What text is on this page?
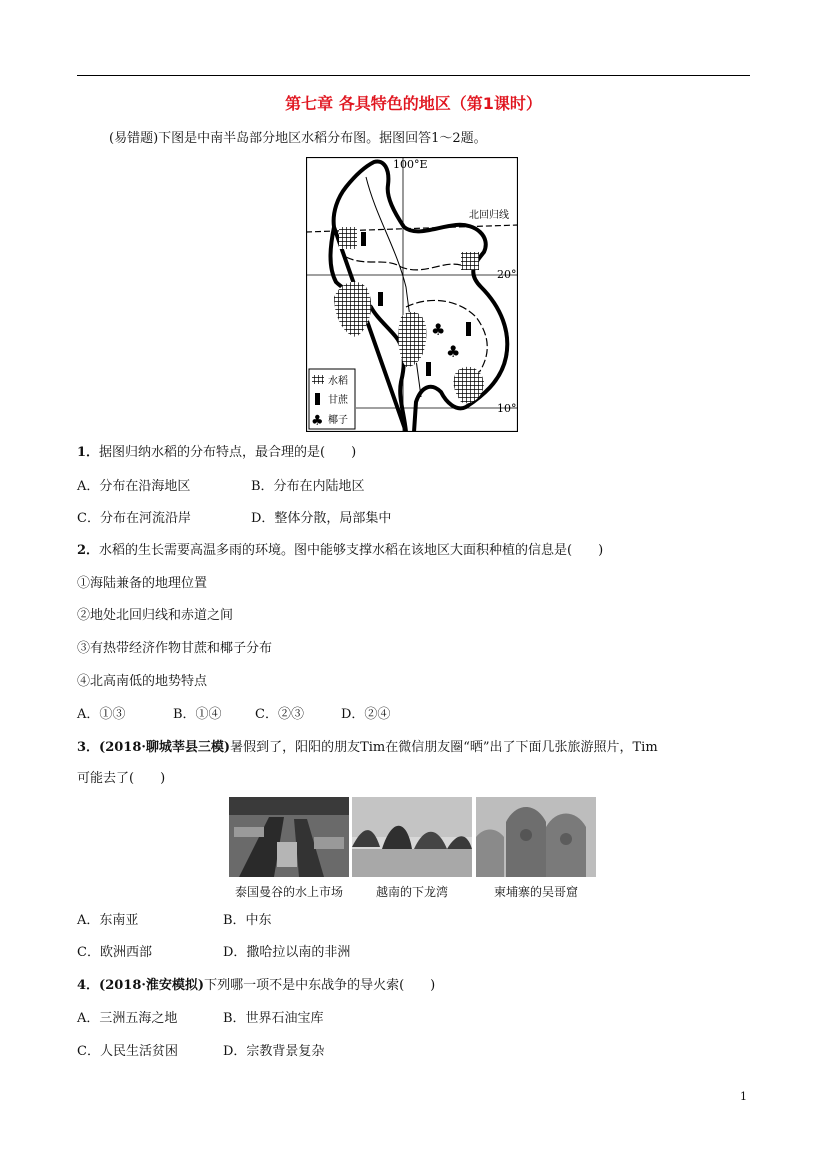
第七章 各具特色的地区（第1课时）
(易错题)下图是中南半岛部分地区水稻分布图。据图回答1～2题。
♣
♣
100°E
北回归线
20°
10°
水稻
甘蔗
♣ 椰子
1．据图归纳水稻的分布特点，最合理的是(　　)
A．分布在沿海地区	B．分布在内陆地区
C．分布在河流沿岸	D．整体分散，局部集中
2．水稻的生长需要高温多雨的环境。图中能够支撑水稻在该地区大面积种植的信息是(　　)
①海陆兼备的地理位置
②地处北回归线和赤道之间
③有热带经济作物甘蔗和椰子分布
④北高南低的地势特点
A．①③	B．①④	C．②③	D．②④
3．(2018·聊城莘县三模)暑假到了，阳阳的朋友Tim在微信朋友圈“晒”出了下面几张旅游照片，Tim
可能去了(　　)
泰国曼谷的水上市场	越南的下龙湾	柬埔寨的吴哥窟
A．东南亚	B．中东
C．欧洲西部	D．撒哈拉以南的非洲
4．(2018·淮安模拟)下列哪一项不是中东战争的导火索(　　)
A．三洲五海之地	B．世界石油宝库
C．人民生活贫困	D．宗教背景复杂
1
